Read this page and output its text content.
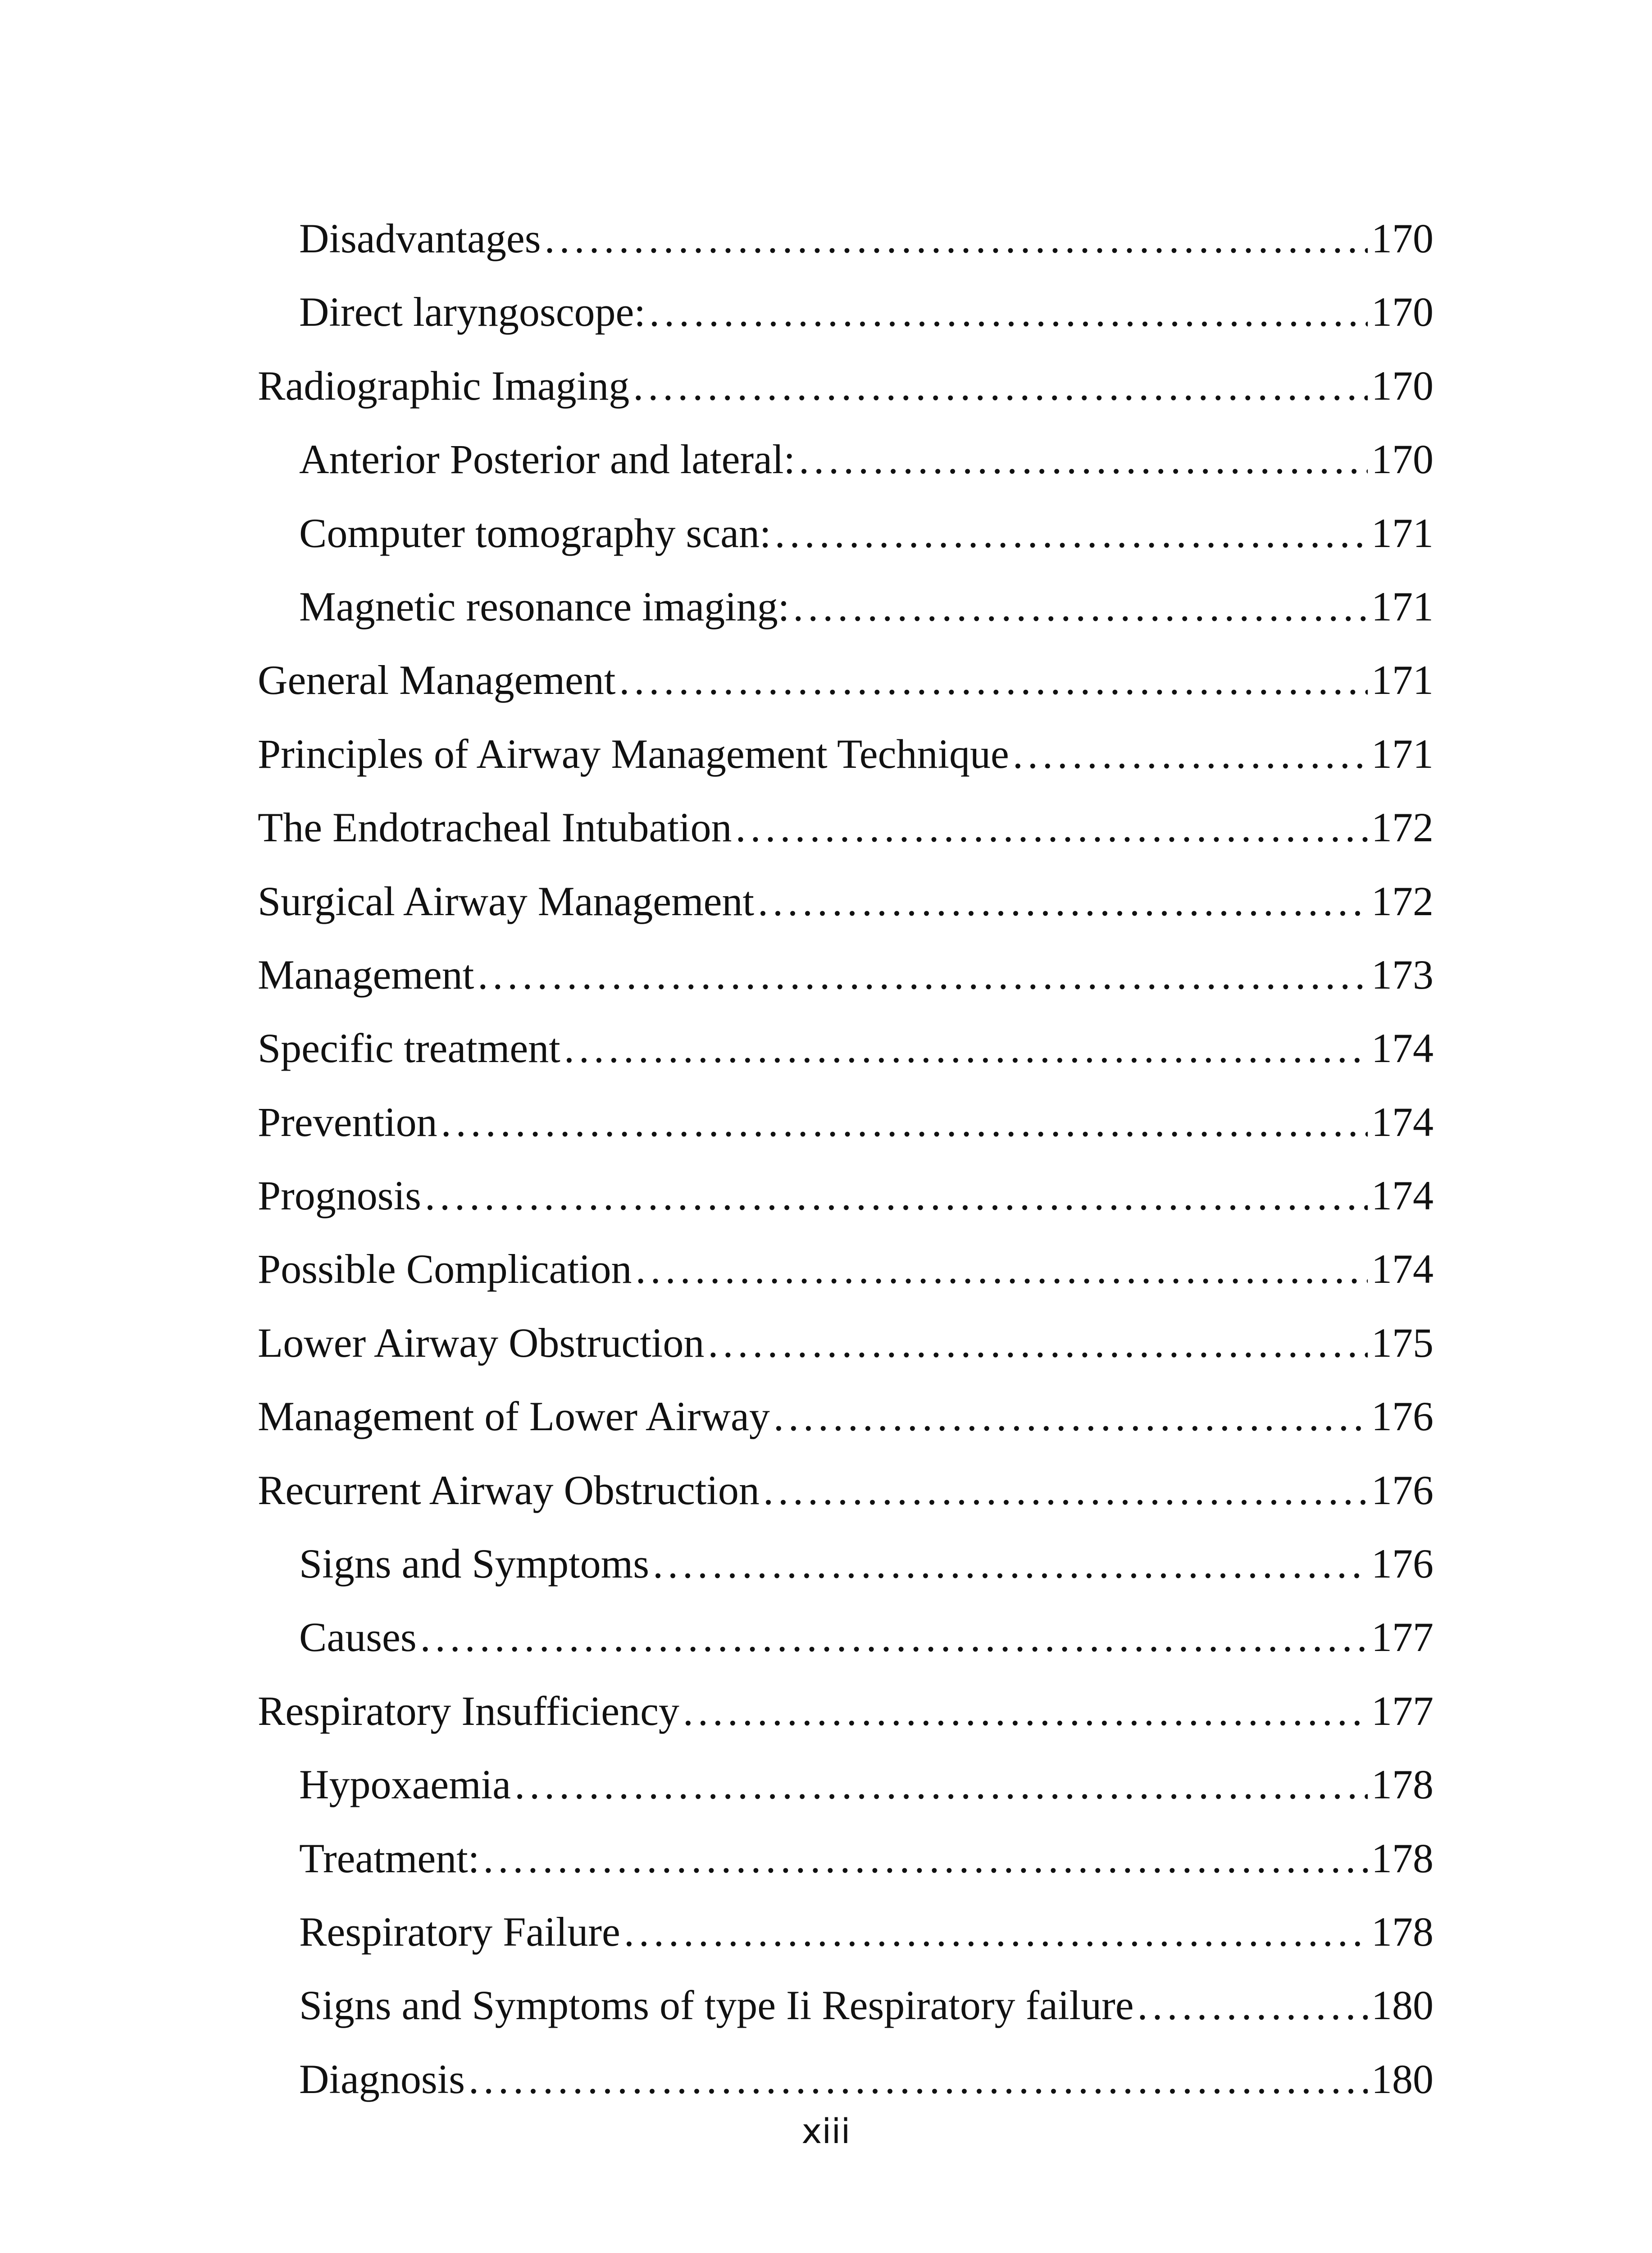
Disadvantages .....	170
Direct laryngoscope: .....	170
Radiographic Imaging .....	170
Anterior Posterior and lateral: .....	170
Computer tomography scan: .....	171
Magnetic resonance imaging: .....	171
General Management .....	171
Principles of Airway Management Technique .....	171
The Endotracheal Intubation .....	172
Surgical Airway Management .....	172
Management .....	173
Specific treatment .....	174
Prevention .....	174
Prognosis .....	174
Possible Complication .....	174
Lower Airway Obstruction .....	175
Management of Lower Airway .....	176
Recurrent Airway Obstruction .....	176
Signs and Symptoms .....	176
Causes .....	177
Respiratory Insufficiency .....	177
Hypoxaemia .....	178
Treatment: .....	178
Respiratory Failure .....	178
Signs and Symptoms of type Ii Respiratory failure .....	180
Diagnosis .....	180
xiii
